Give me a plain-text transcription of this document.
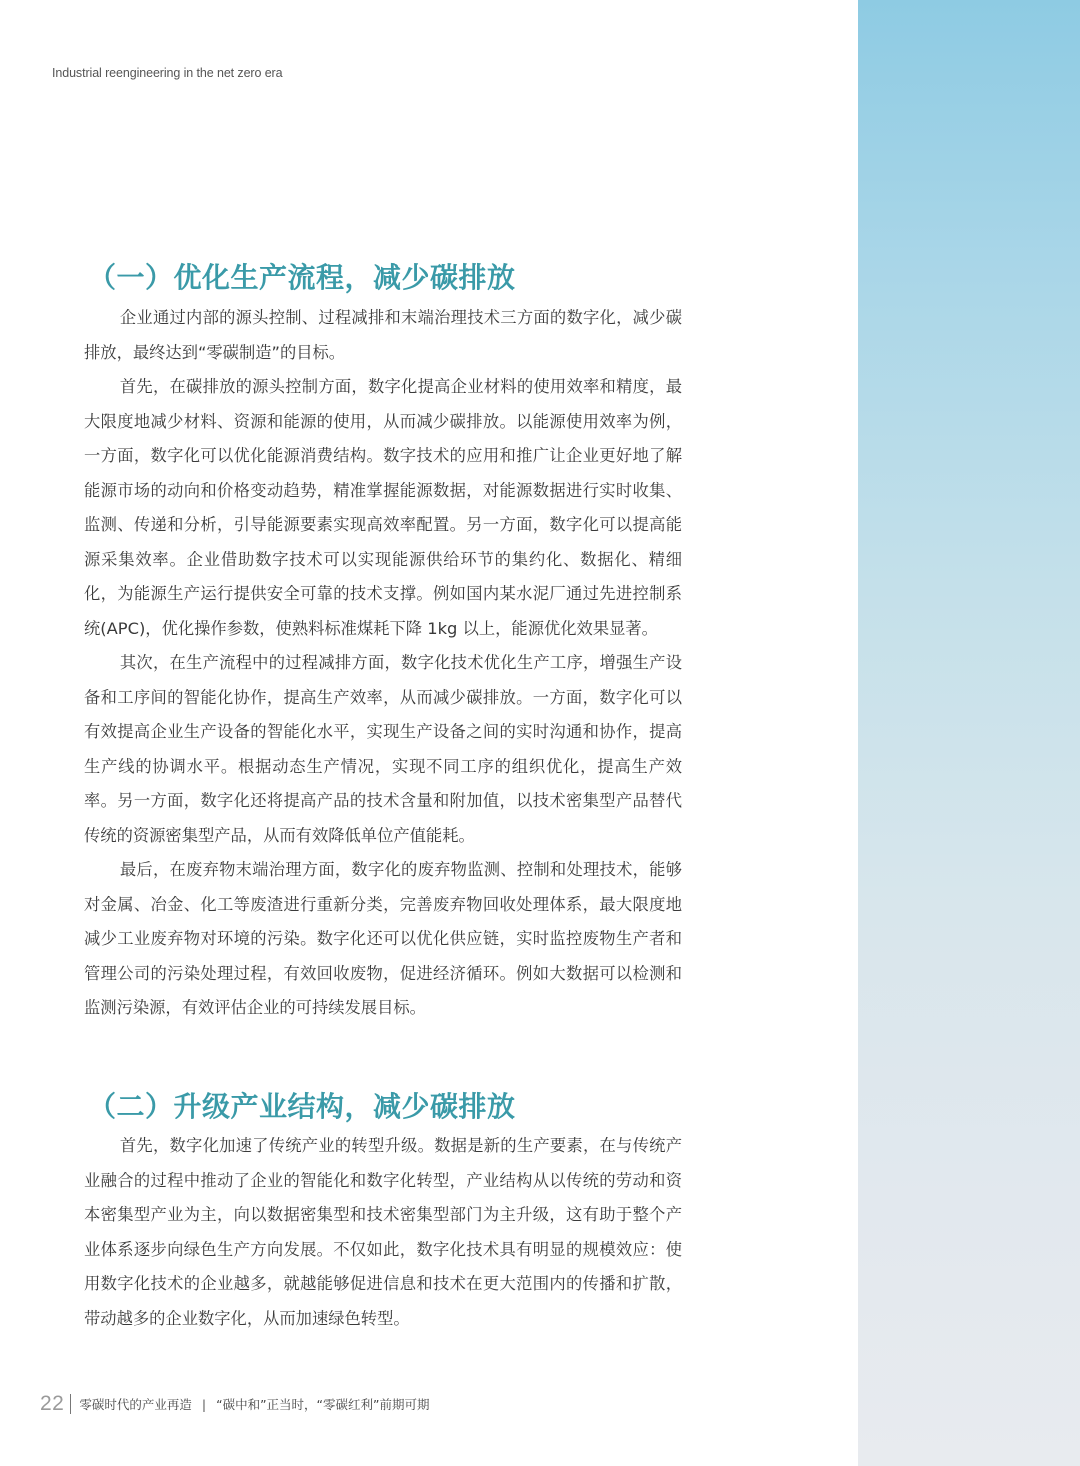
Industrial reengineering in the net zero era
（一）优化生产流程，减少碳排放

企业通过内部的源头控制、过程减排和末端治理技术三方面的数字化，减少碳排放，最终达到“零碳制造”的目标。

首先，在碳排放的源头控制方面，数字化提高企业材料的使用效率和精度，最大限度地减少材料、资源和能源的使用，从而减少碳排放。以能源使用效率为例，一方面，数字化可以优化能源消费结构。数字技术的应用和推广让企业更好地了解能源市场的动向和价格变动趋势，精准掌握能源数据，对能源数据进行实时收集、监测、传递和分析，引导能源要素实现高效率配置。另一方面，数字化可以提高能源采集效率。企业借助数字技术可以实现能源供给环节的集约化、数据化、精细化，为能源生产运行提供安全可靠的技术支撑。例如国内某水泥厂通过先进控制系统(APC)，优化操作参数，使熟料标准煤耗下降 1kg 以上，能源优化效果显著。

其次，在生产流程中的过程减排方面，数字化技术优化生产工序，增强生产设备和工序间的智能化协作，提高生产效率，从而减少碳排放。一方面，数字化可以有效提高企业生产设备的智能化水平，实现生产设备之间的实时沟通和协作，提高生产线的协调水平。根据动态生产情况，实现不同工序的组织优化，提高生产效率。另一方面，数字化还将提高产品的技术含量和附加值，以技术密集型产品替代传统的资源密集型产品，从而有效降低单位产值能耗。

最后，在废弃物末端治理方面，数字化的废弃物监测、控制和处理技术，能够对金属、冶金、化工等废渣进行重新分类，完善废弃物回收处理体系，最大限度地减少工业废弃物对环境的污染。数字化还可以优化供应链，实时监控废物生产者和管理公司的污染处理过程，有效回收废物，促进经济循环。例如大数据可以检测和监测污染源，有效评估企业的可持续发展目标。

（二）升级产业结构，减少碳排放

首先，数字化加速了传统产业的转型升级。数据是新的生产要素，在与传统产业融合的过程中推动了企业的智能化和数字化转型，产业结构从以传统的劳动和资本密集型产业为主，向以数据密集型和技术密集型部门为主升级，这有助于整个产业体系逐步向绿色生产方向发展。不仅如此，数字化技术具有明显的规模效应：使用数字化技术的企业越多，就越能够促进信息和技术在更大范围内的传播和扩散，带动越多的企业数字化，从而加速绿色转型。

22 零碳时代的产业再造 | “碳中和”正当时，“零碳红利”前期可期
